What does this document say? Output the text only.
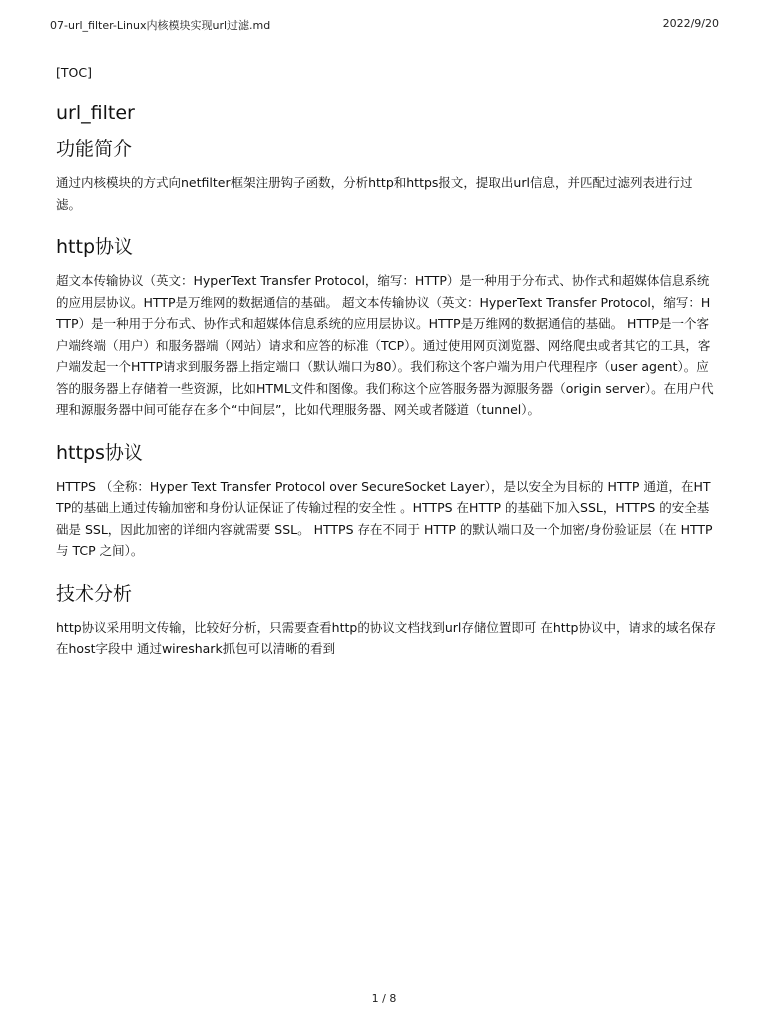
07-url_filter-Linux内核模块实现url过滤.md	2022/9/20
[TOC]
url_filter
功能简介

通过内核模块的方式向netfilter框架注册钩子函数，分析http和https报文，提取出url信息，并匹配过滤列表进行过滤。

http协议

超文本传输协议（英文：HyperText Transfer Protocol，缩写：HTTP）是一种用于分布式、协作式和超媒体信息系统的应用层协议。HTTP是万维网的数据通信的基础。 超文本传输协议（英文：HyperText Transfer Protocol，缩写：HTTP）是一种用于分布式、协作式和超媒体信息系统的应用层协议。HTTP是万维网的数据通信的基础。 HTTP是一个客户端终端（用户）和服务器端（网站）请求和应答的标准（TCP）。通过使用网页浏览器、网络爬虫或者其它的工具，客户端发起一个HTTP请求到服务器上指定端口（默认端口为80）。我们称这个客户端为用户代理程序（user agent）。应答的服务器上存储着一些资源，比如HTML文件和图像。我们称这个应答服务器为源服务器（origin server）。在用户代理和源服务器中间可能存在多个“中间层”，比如代理服务器、网关或者隧道（tunnel）。

https协议

HTTPS （全称：Hyper Text Transfer Protocol over SecureSocket Layer），是以安全为目标的 HTTP 通道，在HTTP的基础上通过传输加密和身份认证保证了传输过程的安全性 。HTTPS 在HTTP 的基础下加入SSL，HTTPS 的安全基础是 SSL，因此加密的详细内容就需要 SSL。 HTTPS 存在不同于 HTTP 的默认端口及一个加密/身份验证层（在 HTTP与 TCP 之间）。

技术分析

http协议采用明文传输，比较好分析，只需要查看http的协议文档找到url存储位置即可 在http协议中，请求的域名保存在host字段中 通过wireshark抓包可以清晰的看到

1 / 8
